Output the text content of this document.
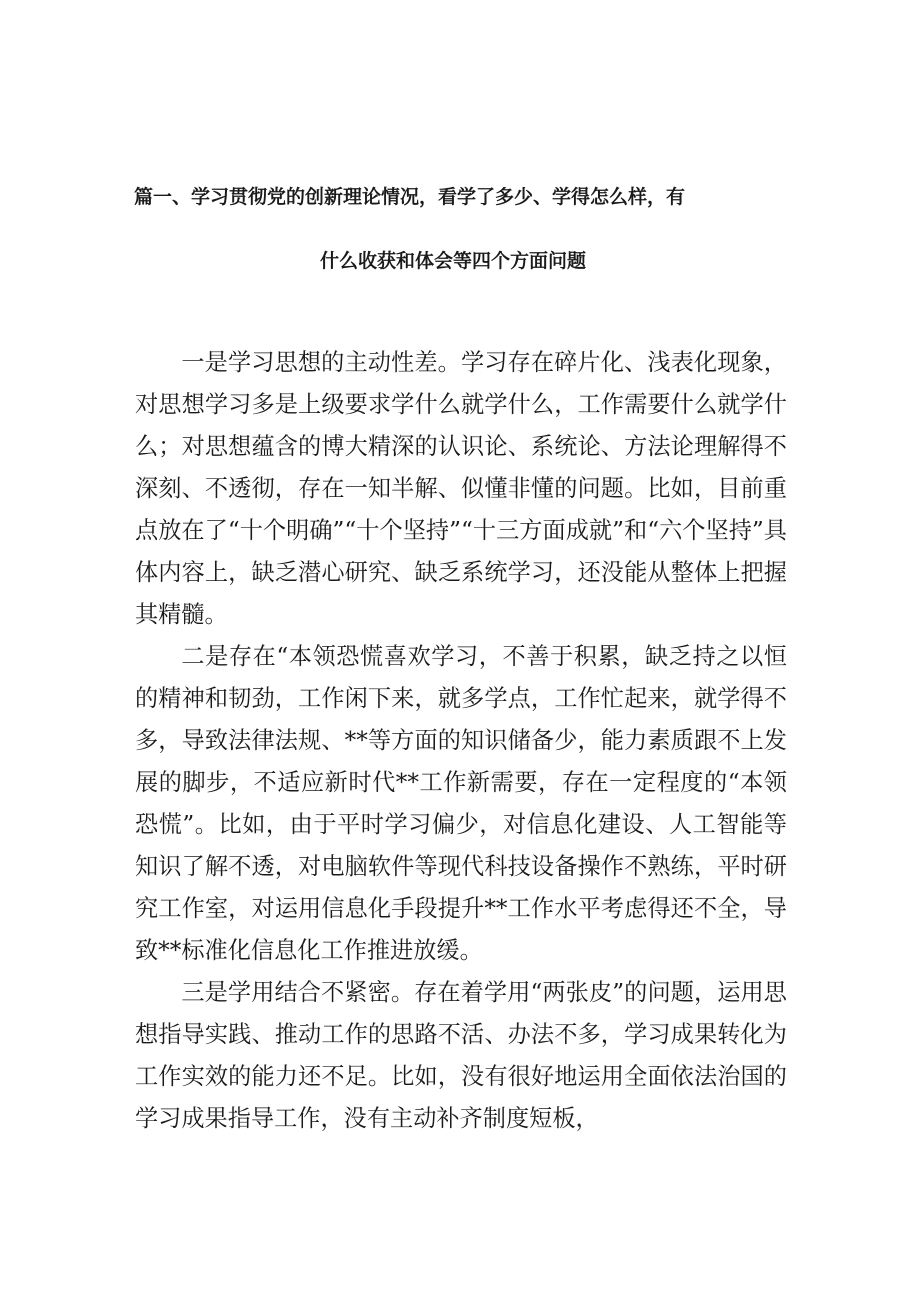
篇一、学习贯彻党的创新理论情况，看学了多少、学得怎么样，有
什么收获和体会等四个方面问题

一是学习思想的主动性差。学习存在碎片化、浅表化现象，对思想学习多是上级要求学什么就学什么，工作需要什么就学什么；对思想蕴含的博大精深的认识论、系统论、方法论理解得不深刻、不透彻，存在一知半解、似懂非懂的问题。比如，目前重点放在了“十个明确”“十个坚持”“十三方面成就”和“六个坚持”具体内容上，缺乏潜心研究、缺乏系统学习，还没能从整体上把握其精髓。

二是存在“本领恐慌喜欢学习，不善于积累，缺乏持之以恒的精神和韧劲，工作闲下来，就多学点，工作忙起来，就学得不多，导致法律法规、**等方面的知识储备少，能力素质跟不上发展的脚步，不适应新时代**工作新需要，存在一定程度的“本领恐慌”。比如，由于平时学习偏少，对信息化建设、人工智能等知识了解不透，对电脑软件等现代科技设备操作不熟练，平时研究工作室，对运用信息化手段提升**工作水平考虑得还不全，导致**标准化信息化工作推进放缓。

三是学用结合不紧密。存在着学用“两张皮”的问题，运用思想指导实践、推动工作的思路不活、办法不多，学习成果转化为工作实效的能力还不足。比如，没有很好地运用全面依法治国的学习成果指导工作，没有主动补齐制度短板，
